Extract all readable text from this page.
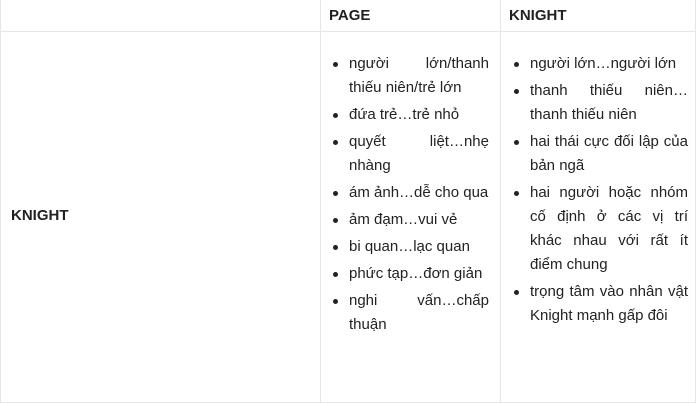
PAGE	KNIGHT
KNIGHT
người lớn/thanh thiếu niên/trẻ lớn
đứa trẻ…trẻ nhỏ
quyết liệt…nhẹ nhàng
ám ảnh…dễ cho qua
ảm đạm…vui vẻ
bi quan…lạc quan
phức tạp…đơn giản
nghi vấn…chấp thuận
người lớn…người lớn
thanh thiếu niên…thanh thiếu niên
hai thái cực đối lập của bản ngã
hai người hoặc nhóm cố định ở các vị trí khác nhau với rất ít điểm chung
trọng tâm vào nhân vật Knight mạnh gấp đôi
